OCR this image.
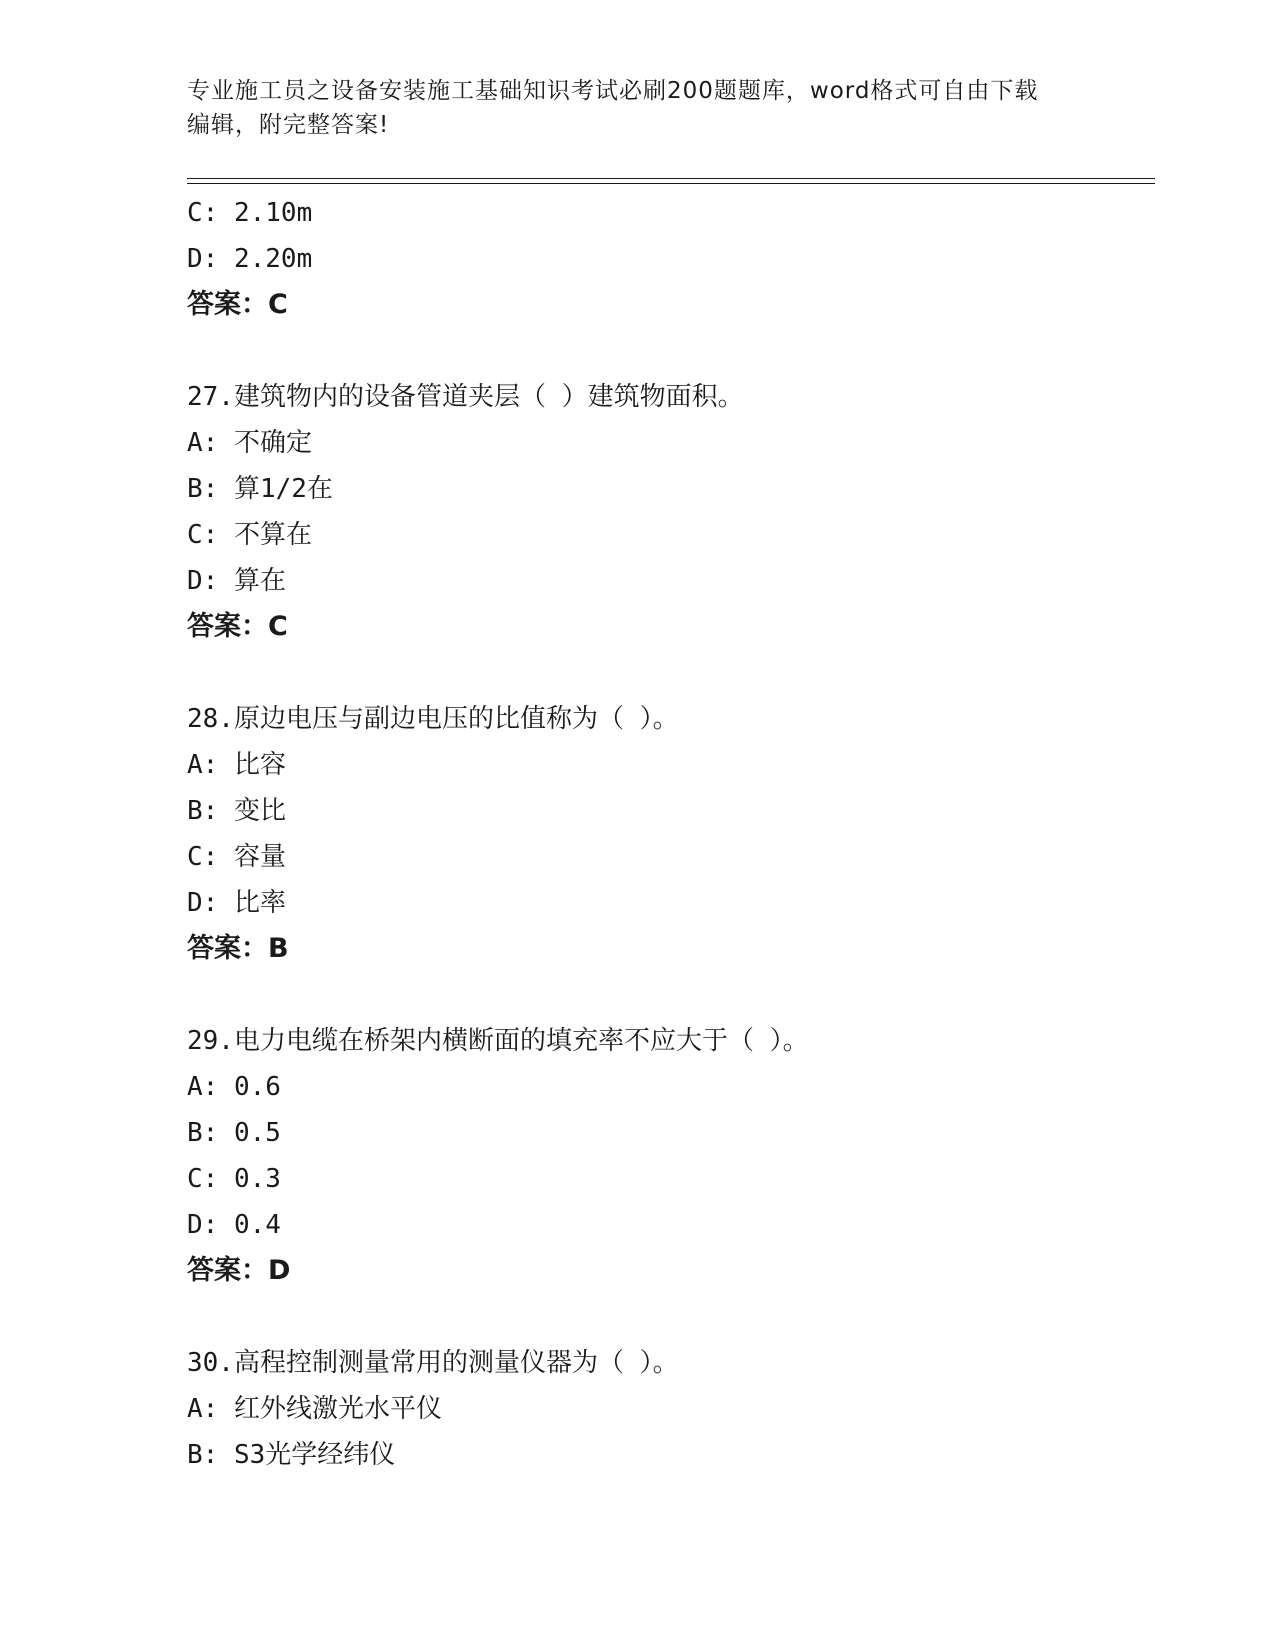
专业施工员之设备安装施工基础知识考试必刷200题题库，word格式可自由下载
编辑，附完整答案!
C: 2.10m
D: 2.20m
答案：C
27.建筑物内的设备管道夹层（ ）建筑物面积。
A: 不确定
B: 算1/2在
C: 不算在
D: 算在
答案：C
28.原边电压与副边电压的比值称为（ ）。
A: 比容
B: 变比
C: 容量
D: 比率
答案：B
29.电力电缆在桥架内横断面的填充率不应大于（ ）。
A: 0.6
B: 0.5
C: 0.3
D: 0.4
答案：D
30.高程控制测量常用的测量仪器为（ ）。
A: 红外线激光水平仪
B: S3光学经纬仪
